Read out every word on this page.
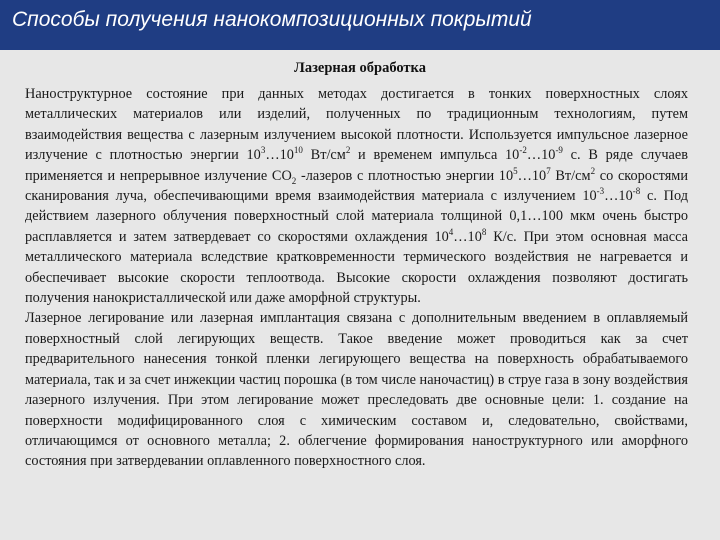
Способы получения нанокомпозиционных покрытий
Лазерная обработка

Наноструктурное состояние при данных методах достигается в тонких поверхностных слоях металлических материалов или изделий, полученных по традиционным технологиям, путем взаимодействия вещества с лазерным излучением высокой плотности. Используется импульсное лазерное излучение с плотностью энергии $10^3\dots 10^{10}$ $Вт/см^2$ и временем импульса $10^{-2}\dots 10^{-9}$ с. В ряде случаев применяется и непрерывное излучение $CO_2$ -лазеров с плотностью энергии $10^5\dots 10^7$ $Вт/см^2$ со скоростями сканирования луча, обеспечивающими время взаимодействия материала с излучением $10^{-3}\dots 10^{-8}$ с. Под действием лазерного облучения поверхностный слой материала толщиной 0,1…100 мкм очень быстро расплавляется и затем затвердевает со скоростями охлаждения $10^4\dots 10^8$ К/с. При этом основная масса металлического материала вследствие кратковременности термического воздействия не нагревается и обеспечивает высокие скорости теплоотвода. Высокие скорости охлаждения позволяют достигать получения нанокристаллической или даже аморфной структуры.

Лазерное легирование или лазерная имплантация связана с дополнительным введением в оплавляемый поверхностный слой легирующих веществ. Такое введение может проводиться как за счет предварительного нанесения тонкой пленки легирующего вещества на поверхность обрабатываемого материала, так и за счет инжекции частиц порошка (в том числе наночастиц) в струе газа в зону воздействия лазерного излучения. При этом легирование может преследовать две основные цели: 1. создание на поверхности модифицированного слоя с химическим составом и, следовательно, свойствами, отличающимся от основного металла; 2. облегчение формирования наноструктурного или аморфного состояния при затвердевании оплавленного поверхностного слоя.
